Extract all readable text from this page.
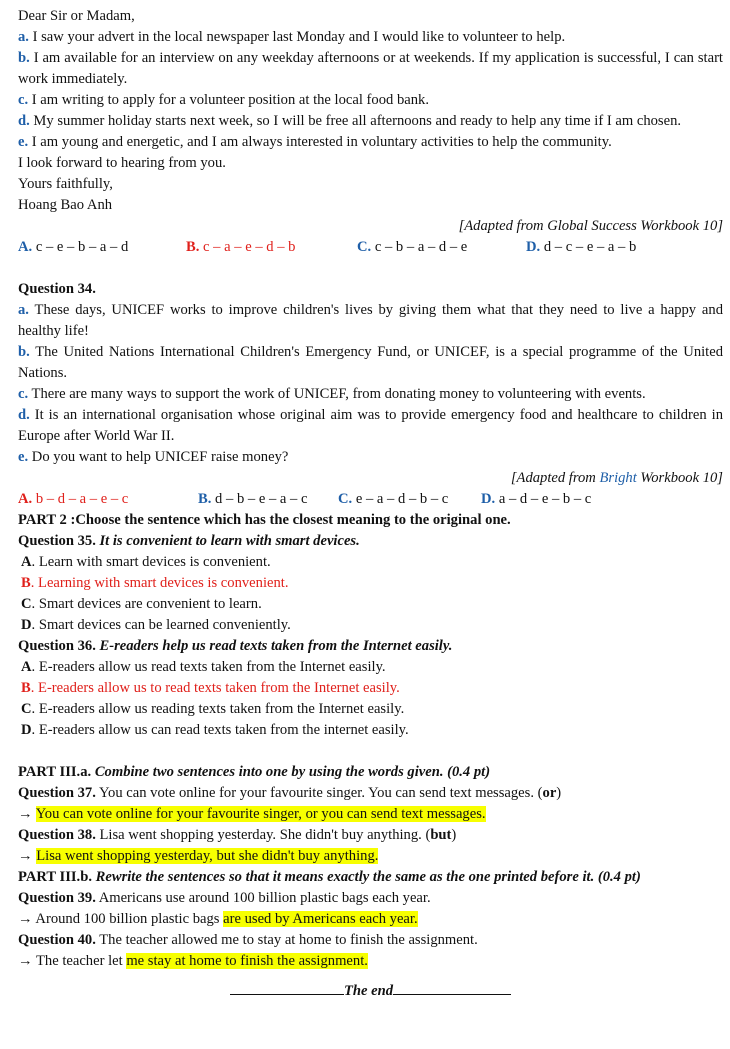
Dear Sir or Madam,
a. I saw your advert in the local newspaper last Monday and I would like to volunteer to help.
b. I am available for an interview on any weekday afternoons or at weekends. If my application is successful, I can start work immediately.
c. I am writing to apply for a volunteer position at the local food bank.
d. My summer holiday starts next week, so I will be free all afternoons and ready to help any time if I am chosen.
e. I am young and energetic, and I am always interested in voluntary activities to help the community.
I look forward to hearing from you.
Yours faithfully,
Hoang Bao Anh
[Adapted from Global Success Workbook 10]
A. c – e – b – a – d	B. c – a – e – d – b	C. c – b – a – d – e	D. d – c – e – a – b
Question 34.
a. These days, UNICEF works to improve children's lives by giving them what that they need to live a happy and healthy life!
b. The United Nations International Children's Emergency Fund, or UNICEF, is a special programme of the United Nations.
c. There are many ways to support the work of UNICEF, from donating money to volunteering with events.
d. It is an international organisation whose original aim was to provide emergency food and healthcare to children in Europe after World War II.
e. Do you want to help UNICEF raise money?
[Adapted from Bright Workbook 10]
A. b – d – a – e – c	B. d – b – e – a – c	C. e – a – d – b – c	D. a – d – e – b – c
PART 2 :Choose the sentence which has the closest meaning to the original one.
Question 35. It is convenient to learn with smart devices.
A. Learn with smart devices is convenient.
B. Learning with smart devices is convenient.
C. Smart devices are convenient to learn.
D. Smart devices can be learned conveniently.
Question 36. E-readers help us read texts taken from the Internet easily.
A. E-readers allow us read texts taken from the Internet easily.
B. E-readers allow us to read texts taken from the Internet easily.
C. E-readers allow us reading texts taken from the Internet easily.
D. E-readers allow us can read texts taken from the internet easily.
PART III.a. Combine two sentences into one by using the words given. (0.4 pt)
Question 37. You can vote online for your favourite singer. You can send text messages. (or)
→ You can vote online for your favourite singer, or you can send text messages.
Question 38. Lisa went shopping yesterday. She didn't buy anything. (but)
→ Lisa went shopping yesterday, but she didn't buy anything.
PART III.b. Rewrite the sentences so that it means exactly the same as the one printed before it. (0.4 pt)
Question 39. Americans use around 100 billion plastic bags each year.
→ Around 100 billion plastic bags are used by Americans each year.
Question 40. The teacher allowed me to stay at home to finish the assignment.
→ The teacher let me stay at home to finish the assignment.
The end
